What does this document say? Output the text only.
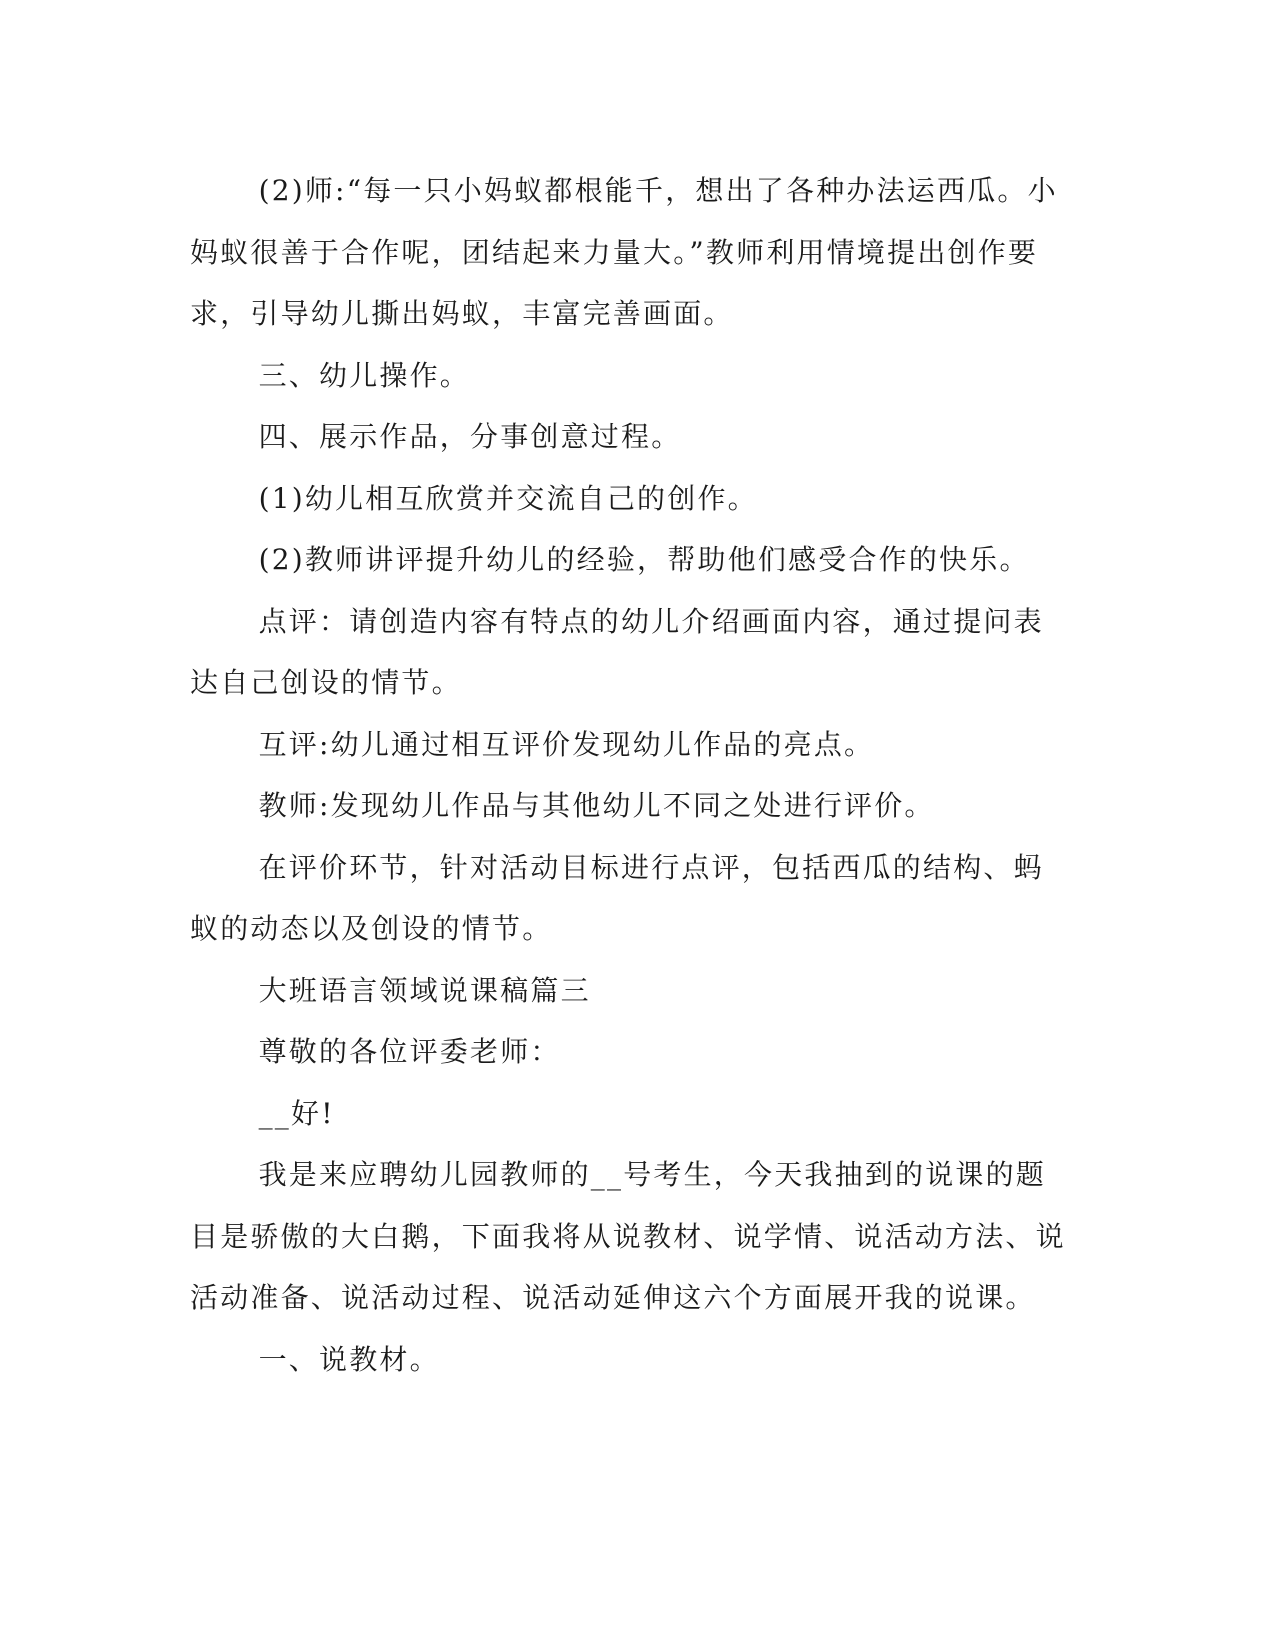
(2)师:“每一只小妈蚁都根能千，想出了各种办法运西瓜。小妈蚁很善于合作呢，团结起来力量大。”教师利用情境提出创作要求，引导幼儿撕出妈蚁，丰富完善画面。

三、幼儿操作。

四、展示作品，分事创意过程。

(1)幼儿相互欣赏并交流自己的创作。

(2)教师讲评提升幼儿的经验，帮助他们感受合作的快乐。

点评：请创造内容有特点的幼儿介绍画面内容，通过提问表达自己创设的情节。

互评:幼儿通过相互评价发现幼儿作品的亮点。

教师:发现幼儿作品与其他幼儿不同之处进行评价。

在评价环节，针对活动目标进行点评，包括西瓜的结构、蚂蚁的动态以及创设的情节。

大班语言领域说课稿篇三

尊敬的各位评委老师：

__好!

我是来应聘幼儿园教师的__号考生，今天我抽到的说课的题目是骄傲的大白鹅，下面我将从说教材、说学情、说活动方法、说活动准备、说活动过程、说活动延伸这六个方面展开我的说课。

一、说教材。
